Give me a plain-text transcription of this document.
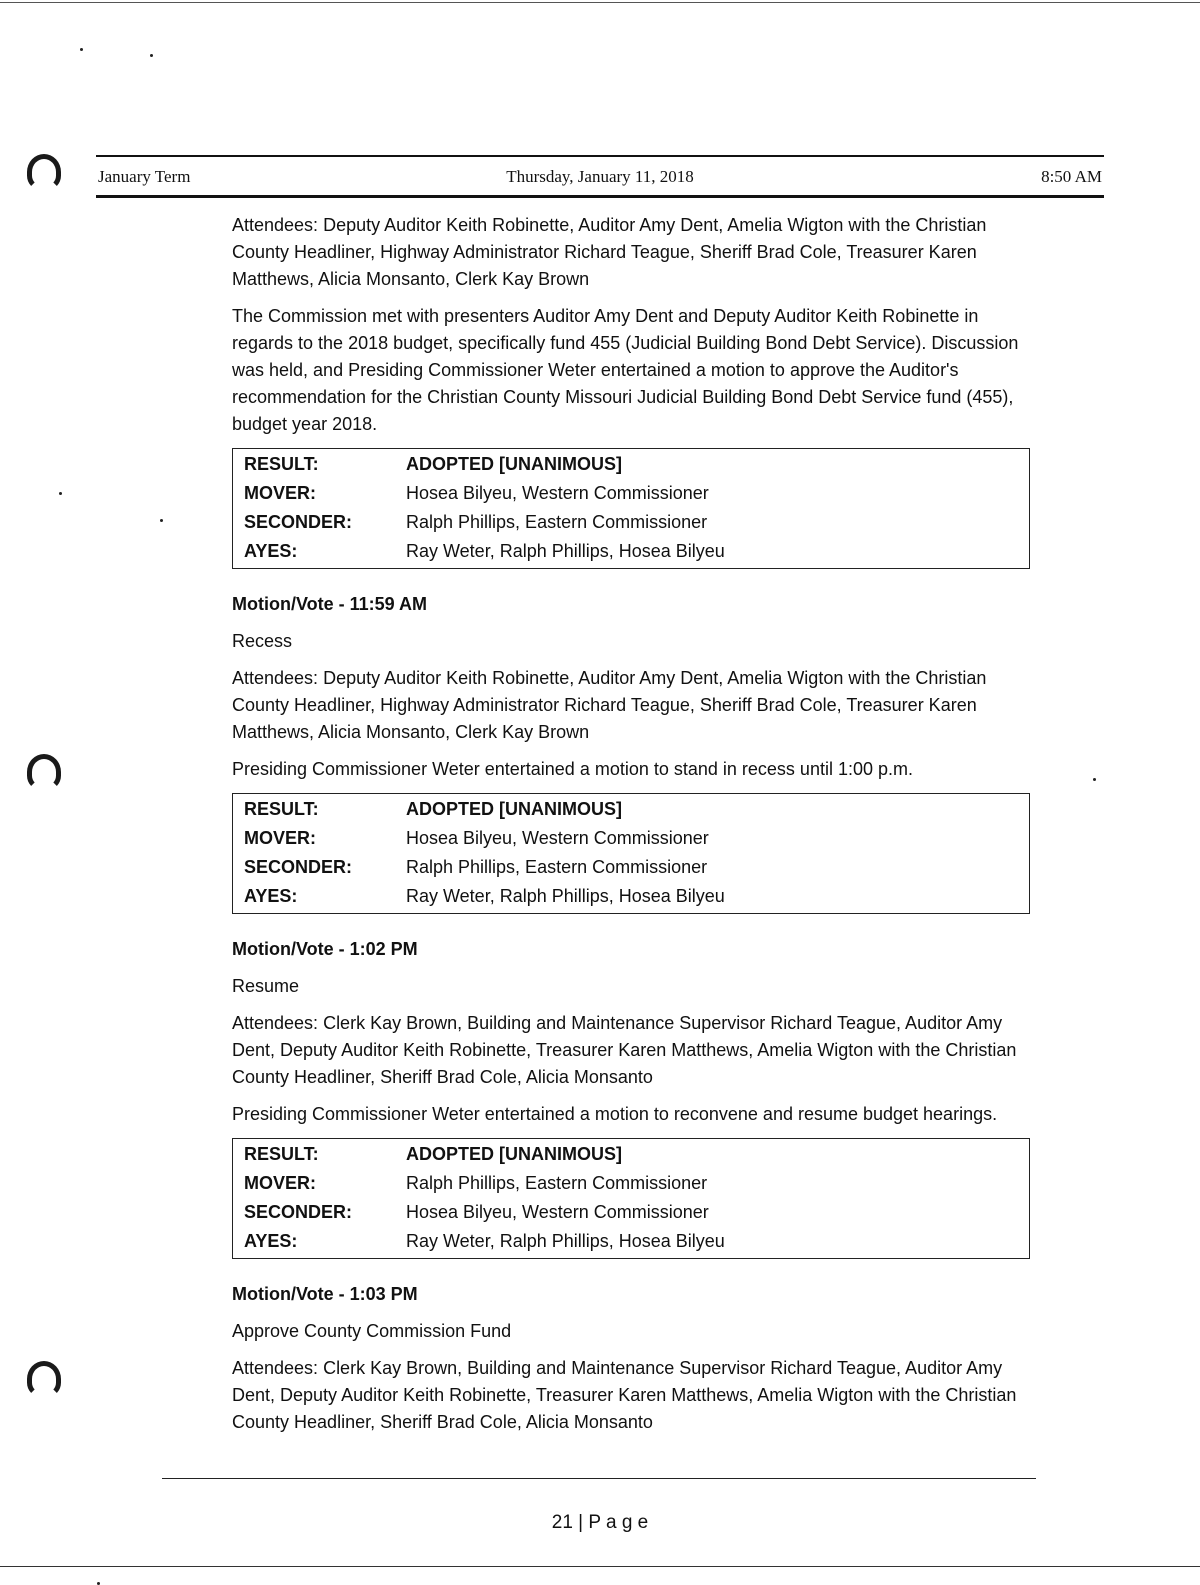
January Term	Thursday, January 11, 2018	8:50 AM

Attendees: Deputy Auditor Keith Robinette, Auditor Amy Dent, Amelia Wigton with the Christian County Headliner, Highway Administrator Richard Teague, Sheriff Brad Cole, Treasurer Karen Matthews, Alicia Monsanto, Clerk Kay Brown

The Commission met with presenters Auditor Amy Dent and Deputy Auditor Keith Robinette in regards to the 2018 budget, specifically fund 455 (Judicial Building Bond Debt Service). Discussion was held, and Presiding Commissioner Weter entertained a motion to approve the Auditor's recommendation for the Christian County Missouri Judicial Building Bond Debt Service fund (455), budget year 2018.

RESULT:	ADOPTED [UNANIMOUS]
MOVER:	Hosea Bilyeu, Western Commissioner
SECONDER:	Ralph Phillips, Eastern Commissioner
AYES:	Ray Weter, Ralph Phillips, Hosea Bilyeu

Motion/Vote - 11:59 AM

Recess

Attendees: Deputy Auditor Keith Robinette, Auditor Amy Dent, Amelia Wigton with the Christian County Headliner, Highway Administrator Richard Teague, Sheriff Brad Cole, Treasurer Karen Matthews, Alicia Monsanto, Clerk Kay Brown

Presiding Commissioner Weter entertained a motion to stand in recess until 1:00 p.m.

RESULT:	ADOPTED [UNANIMOUS]
MOVER:	Hosea Bilyeu, Western Commissioner
SECONDER:	Ralph Phillips, Eastern Commissioner
AYES:	Ray Weter, Ralph Phillips, Hosea Bilyeu

Motion/Vote - 1:02 PM

Resume

Attendees: Clerk Kay Brown, Building and Maintenance Supervisor Richard Teague, Auditor Amy Dent, Deputy Auditor Keith Robinette, Treasurer Karen Matthews, Amelia Wigton with the Christian County Headliner, Sheriff Brad Cole, Alicia Monsanto

Presiding Commissioner Weter entertained a motion to reconvene and resume budget hearings.

RESULT:	ADOPTED [UNANIMOUS]
MOVER:	Ralph Phillips, Eastern Commissioner
SECONDER:	Hosea Bilyeu, Western Commissioner
AYES:	Ray Weter, Ralph Phillips, Hosea Bilyeu

Motion/Vote - 1:03 PM

Approve County Commission Fund

Attendees: Clerk Kay Brown, Building and Maintenance Supervisor Richard Teague, Auditor Amy Dent, Deputy Auditor Keith Robinette, Treasurer Karen Matthews, Amelia Wigton with the Christian County Headliner, Sheriff Brad Cole, Alicia Monsanto

21 | P a g e
